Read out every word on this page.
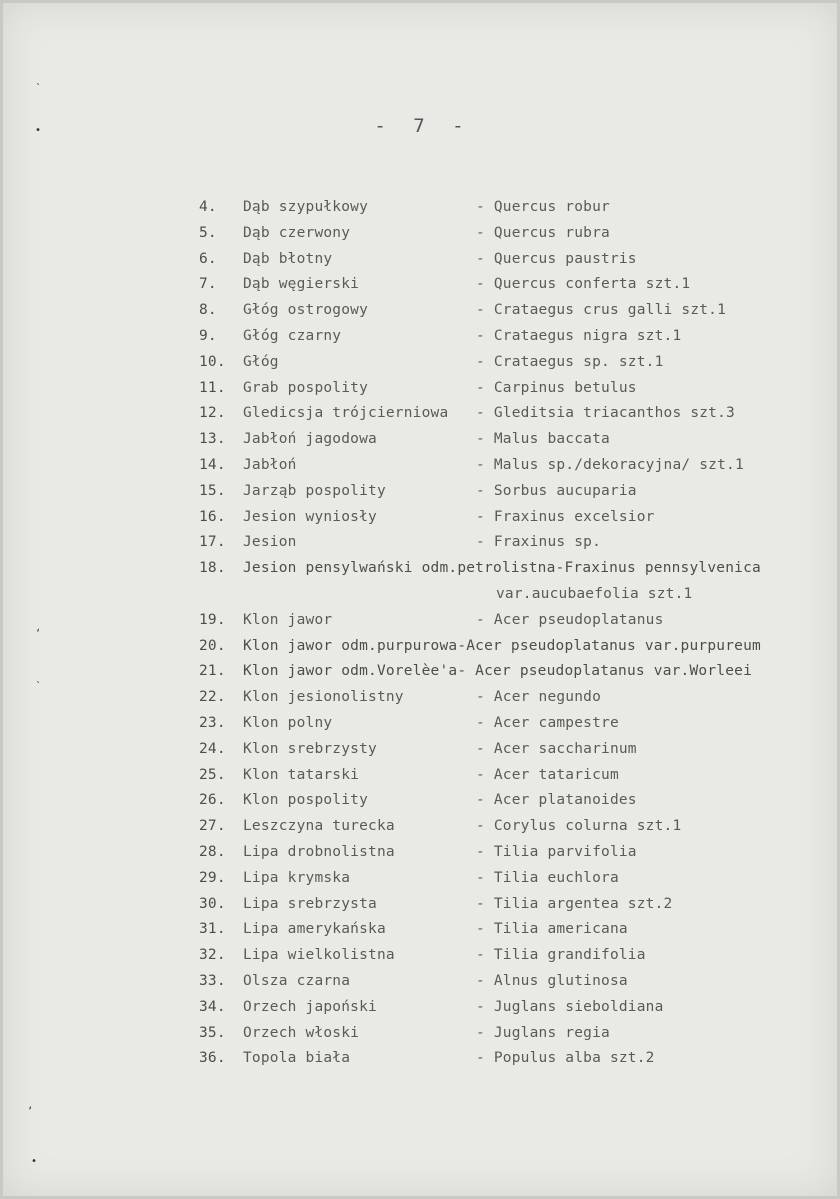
ˎ
•
ʻ
ˎ
ʼ
•
- 7 -
4.	Dąb szypułkowy	- Quercus robur
5.	Dąb czerwony	- Quercus rubra
6.	Dąb błotny	- Quercus paustris
7.	Dąb węgierski	- Quercus conferta szt.1
8.	Głóg ostrogowy	- Crataegus crus galli szt.1
9.	Głóg czarny	- Crataegus nigra szt.1
10.	Głóg	- Crataegus sp. szt.1
11.	Grab pospolity	- Carpinus betulus
12.	Gledicsja trójcierniowa - Gleditsia triacanthos szt.3
13.	Jabłoń jagodowa	- Malus baccata
14.	Jabłoń	- Malus sp./dekoracyjna/ szt.1
15.	Jarząb pospolity	- Sorbus aucuparia
16.	Jesion wyniosły	- Fraxinus excelsior
17.	Jesion	- Fraxinus sp.
18.	Jesion pensylwański odm.petrolistna-Fraxinus pennsylvenica
var.aucubaefolia szt.1
19.	Klon jawor	- Acer pseudoplatanus
20.	Klon jawor odm.purpurowa-Acer pseudoplatanus var.purpureum
21.	Klon jawor odm.Vorelèe'a- Acer pseudoplatanus var.Worleei
22.	Klon jesionolistny	- Acer negundo
23.	Klon polny	- Acer campestre
24.	Klon srebrzysty	- Acer saccharinum
25.	Klon tatarski	- Acer tataricum
26.	Klon pospolity	- Acer platanoides
27.	Leszczyna turecka	- Corylus colurna szt.1
28.	Lipa drobnolistna	- Tilia parvifolia
29.	Lipa krymska	- Tilia euchlora
30.	Lipa srebrzysta	- Tilia argentea szt.2
31.	Lipa amerykańska	- Tilia americana
32.	Lipa wielkolistna	- Tilia grandifolia
33.	Olsza czarna	- Alnus glutinosa
34.	Orzech japoński	- Juglans sieboldiana
35.	Orzech włoski	- Juglans regia
36.	Topola biała	- Populus alba szt.2
